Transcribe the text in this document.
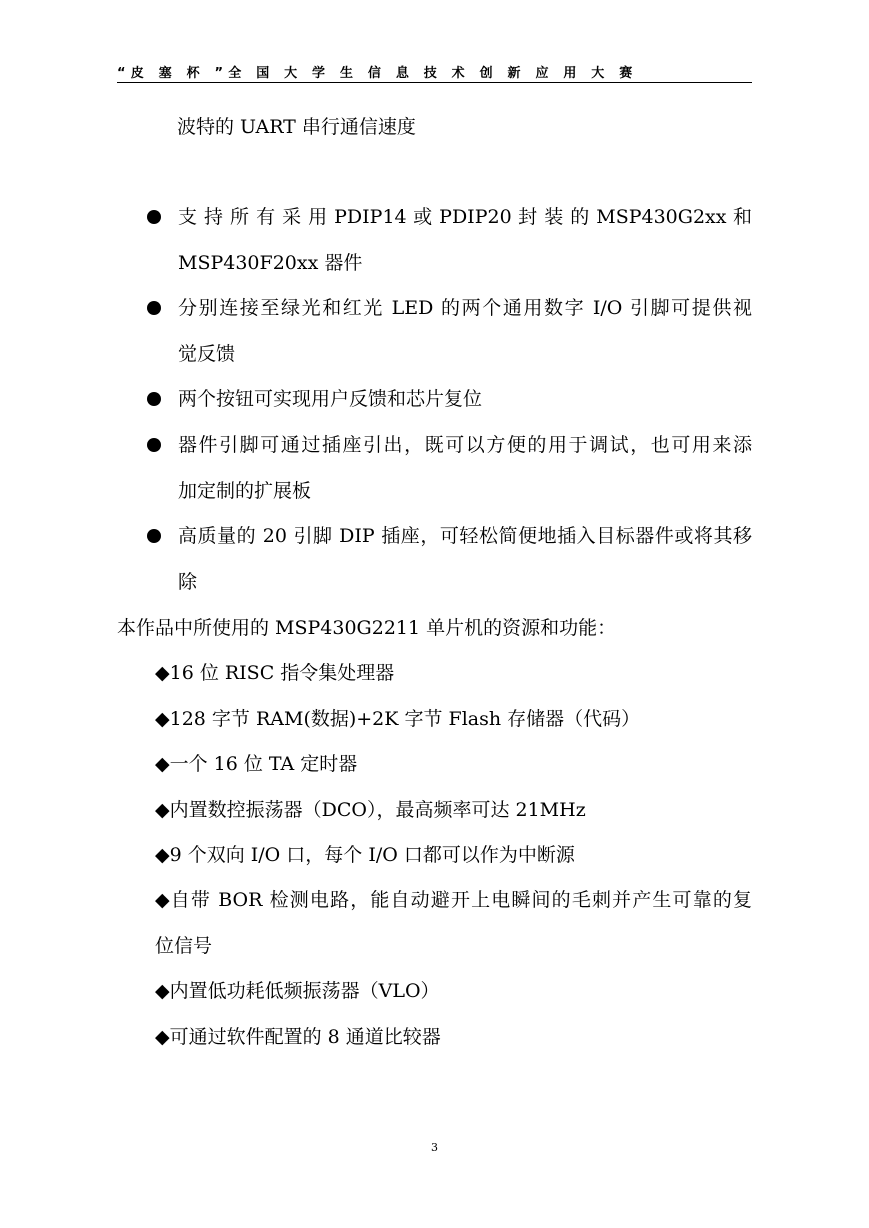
“皮 塞 杯 ”全 国 大 学 生 信 息 技 术 创 新 应 用 大 赛
波特的 UART 串行通信速度
支 持 所 有 采 用 PDIP14 或 PDIP20 封 装 的 MSP430G2xx 和
MSP430F20xx 器件
分别连接至绿光和红光 LED 的两个通用数字 I/O 引脚可提供视
觉反馈
两个按钮可实现用户反馈和芯片复位
器件引脚可通过插座引出，既可以方便的用于调试，也可用来添
加定制的扩展板
高质量的 20 引脚 DIP 插座，可轻松简便地插入目标器件或将其移
除
本作品中所使用的 MSP430G2211 单片机的资源和功能：
◆16 位 RISC 指令集处理器
◆128 字节 RAM(数据)+2K 字节 Flash 存储器（代码）
◆一个 16 位 TA 定时器
◆内置数控振荡器（DCO），最高频率可达 21MHz
◆9 个双向 I/O 口，每个 I/O 口都可以作为中断源
◆自带 BOR 检测电路，能自动避开上电瞬间的毛刺并产生可靠的复
位信号
◆内置低功耗低频振荡器（VLO）
◆可通过软件配置的 8 通道比较器
3
